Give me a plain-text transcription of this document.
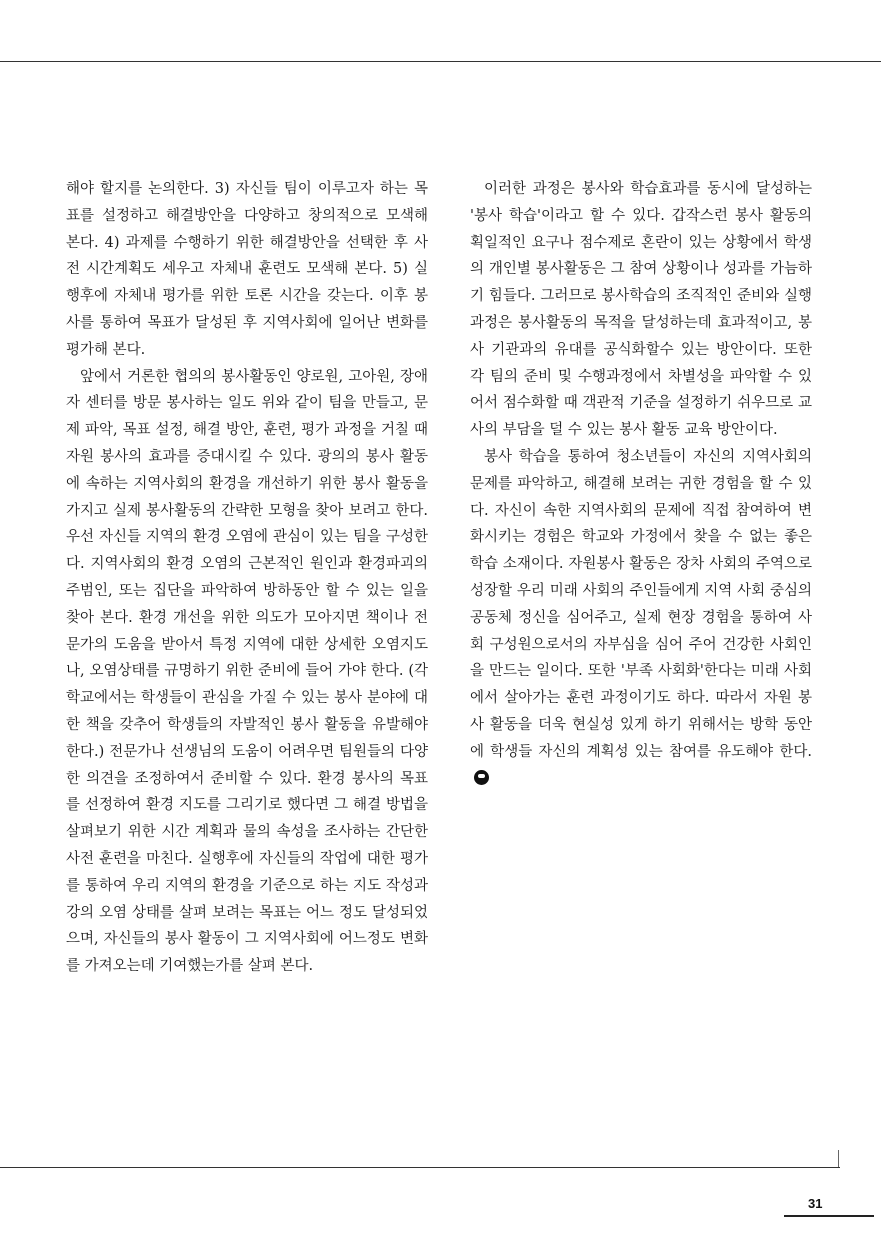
해야 할지를 논의한다. 3) 자신들 팀이 이루고자 하는 목표를 설정하고 해결방안을 다양하고 창의적으로 모색해 본다. 4) 과제를 수행하기 위한 해결방안을 선택한 후 사전 시간계획도 세우고 자체내 훈련도 모색해 본다. 5) 실행후에 자체내 평가를 위한 토론 시간을 갖는다. 이후 봉사를 통하여 목표가 달성된 후 지역사회에 일어난 변화를 평가해 본다.

앞에서 거론한 협의의 봉사활동인 양로원, 고아원, 장애자 센터를 방문 봉사하는 일도 위와 같이 팀을 만들고, 문제 파악, 목표 설정, 해결 방안, 훈련, 평가 과정을 거칠 때 자원 봉사의 효과를 증대시킬 수 있다. 광의의 봉사 활동에 속하는 지역사회의 환경을 개선하기 위한 봉사 활동을 가지고 실제 봉사활동의 간략한 모형을 찾아 보려고 한다. 우선 자신들 지역의 환경 오염에 관심이 있는 팀을 구성한다. 지역사회의 환경 오염의 근본적인 원인과 환경파괴의 주범인, 또는 집단을 파악하여 방하동안 할 수 있는 일을 찾아 본다. 환경 개선을 위한 의도가 모아지면 책이나 전문가의 도움을 받아서 특정 지역에 대한 상세한 오염지도나, 오염상태를 규명하기 위한 준비에 들어 가야 한다. (각 학교에서는 학생들이 관심을 가질 수 있는 봉사 분야에 대한 책을 갖추어 학생들의 자발적인 봉사 활동을 유발해야 한다.) 전문가나 선생님의 도움이 어려우면 팀원들의 다양한 의견을 조정하여서 준비할 수 있다. 환경 봉사의 목표를 선정하여 환경 지도를 그리기로 했다면 그 해결 방법을 살펴보기 위한 시간 계획과 물의 속성을 조사하는 간단한 사전 훈련을 마친다. 실행후에 자신들의 작업에 대한 평가를 통하여 우리 지역의 환경을 기준으로 하는 지도 작성과 강의 오염 상태를 살펴 보려는 목표는 어느 정도 달성되었으며, 자신들의 봉사 활동이 그 지역사회에 어느정도 변화를 가져오는데 기여했는가를 살펴 본다.

이러한 과정은 봉사와 학습효과를 동시에 달성하는 '봉사 학습'이라고 할 수 있다. 갑작스런 봉사 활동의 획일적인 요구나 점수제로 혼란이 있는 상황에서 학생의 개인별 봉사활동은 그 참여 상황이나 성과를 가늠하기 힘들다. 그러므로 봉사학습의 조직적인 준비와 실행과정은 봉사활동의 목적을 달성하는데 효과적이고, 봉사 기관과의 유대를 공식화할수 있는 방안이다. 또한 각 팀의 준비 및 수행과정에서 차별성을 파악할 수 있어서 점수화할 때 객관적 기준을 설정하기 쉬우므로 교사의 부담을 덜 수 있는 봉사 활동 교육 방안이다.

봉사 학습을 통하여 청소년들이 자신의 지역사회의 문제를 파악하고, 해결해 보려는 귀한 경험을 할 수 있다. 자신이 속한 지역사회의 문제에 직접 참여하여 변화시키는 경험은 학교와 가정에서 찾을 수 없는 좋은 학습 소재이다. 자원봉사 활동은 장차 사회의 주역으로 성장할 우리 미래 사회의 주인들에게 지역 사회 중심의 공동체 정신을 심어주고, 실제 현장 경험을 통하여 사회 구성원으로서의 자부심을 심어 주어 건강한 사회인을 만드는 일이다. 또한 '부족 사회화'한다는 미래 사회에서 살아가는 훈련 과정이기도 하다. 따라서 자원 봉사 활동을 더욱 현실성 있게 하기 위해서는 방학 동안에 학생들 자신의 계획성 있는 참여를 유도해야 한다.

31
